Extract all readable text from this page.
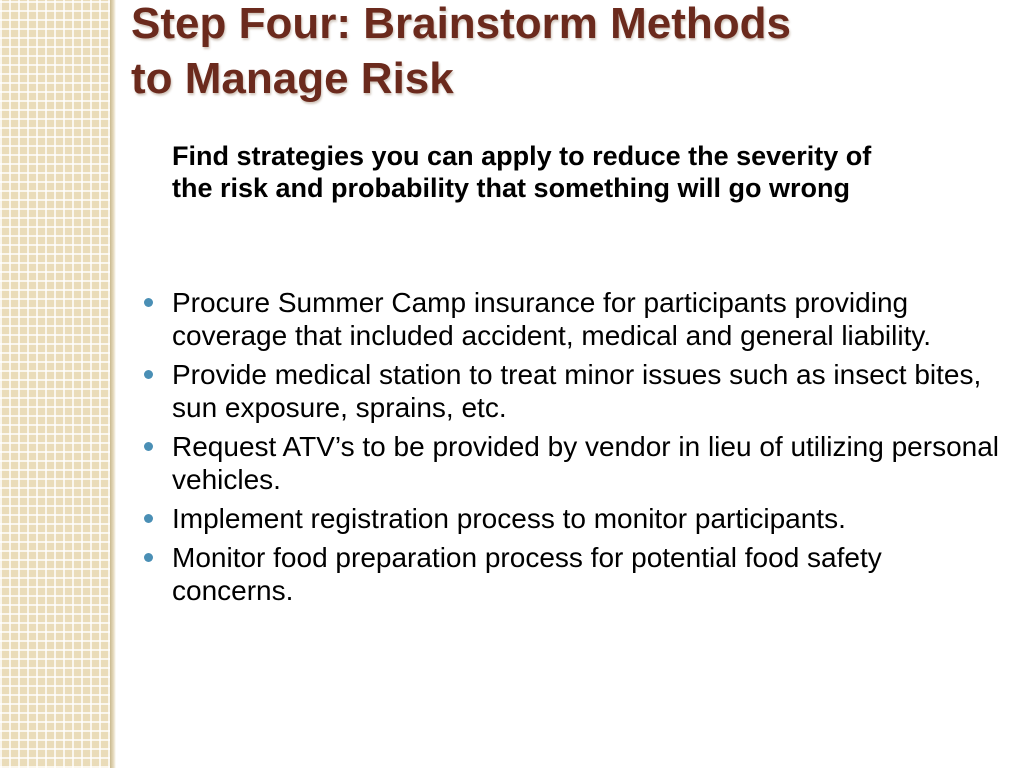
Step Four: Brainstorm Methods
to Manage Risk

Find strategies you can apply to reduce the severity of the risk and probability that something will go wrong

Procure Summer Camp insurance for participants providing coverage that included accident, medical and general liability.
Provide medical station to treat minor issues such as insect bites, sun exposure, sprains, etc.
Request ATV’s to be provided by vendor in lieu of utilizing personal vehicles.
Implement registration process to monitor participants.
Monitor food preparation process for potential food safety concerns.
